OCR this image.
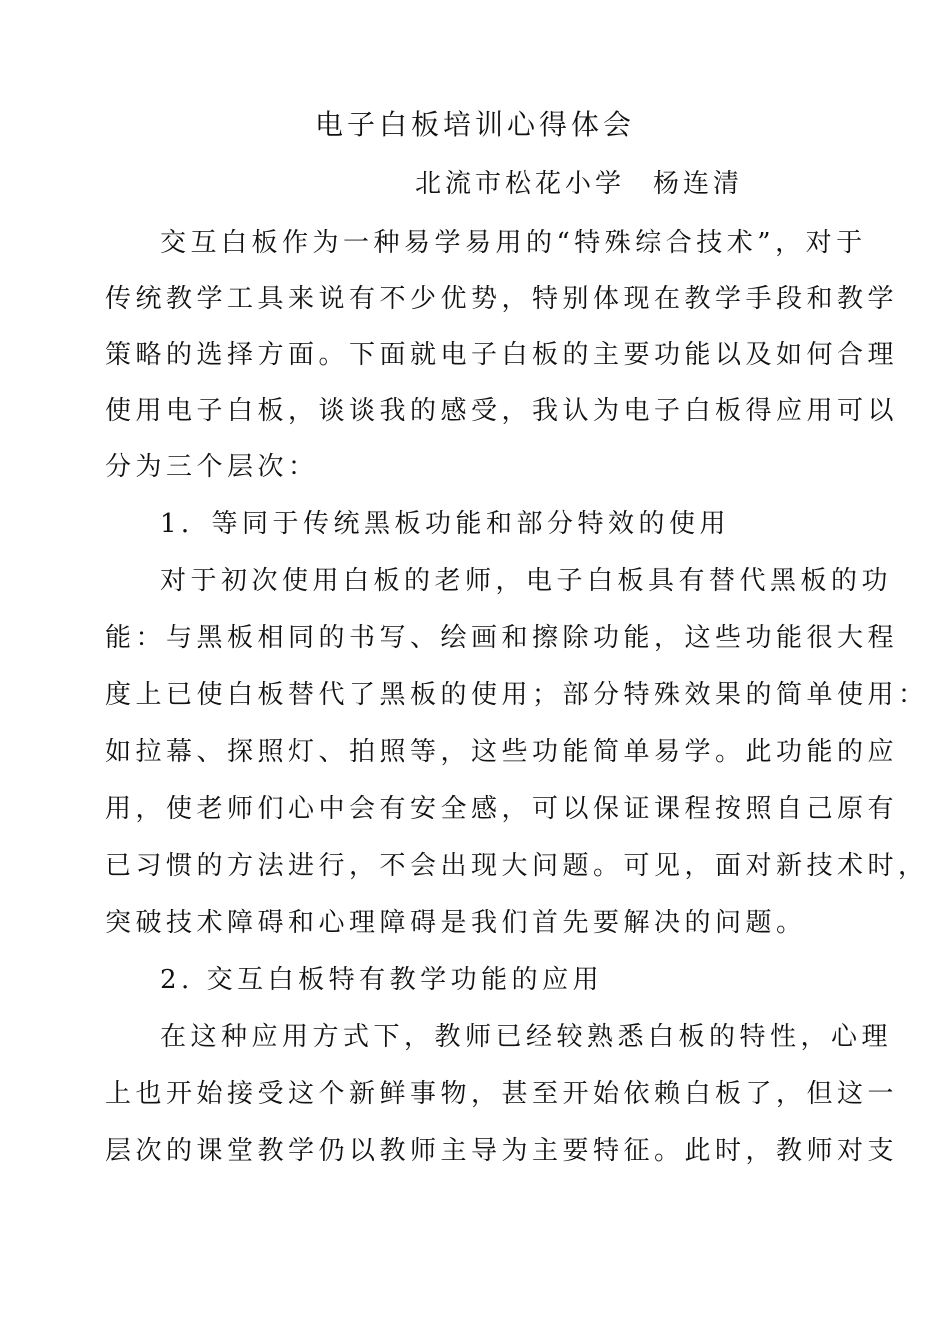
电子白板培训心得体会
北流市松花小学 杨连清
交互白板作为一种易学易用的“特殊综合技术”，对于
传统教学工具来说有不少优势，特别体现在教学手段和教学
策略的选择方面。下面就电子白板的主要功能以及如何合理
使用电子白板，谈谈我的感受，我认为电子白板得应用可以
分为三个层次：
1．等同于传统黑板功能和部分特效的使用
对于初次使用白板的老师，电子白板具有替代黑板的功
能：与黑板相同的书写、绘画和擦除功能，这些功能很大程
度上已使白板替代了黑板的使用；部分特殊效果的简单使用：
如拉幕、探照灯、拍照等，这些功能简单易学。此功能的应
用，使老师们心中会有安全感，可以保证课程按照自己原有
已习惯的方法进行，不会出现大问题。可见，面对新技术时，
突破技术障碍和心理障碍是我们首先要解决的问题。
2. 交互白板特有教学功能的应用
在这种应用方式下，教师已经较熟悉白板的特性，心理
上也开始接受这个新鲜事物，甚至开始依赖白板了，但这一
层次的课堂教学仍以教师主导为主要特征。此时，教师对支
